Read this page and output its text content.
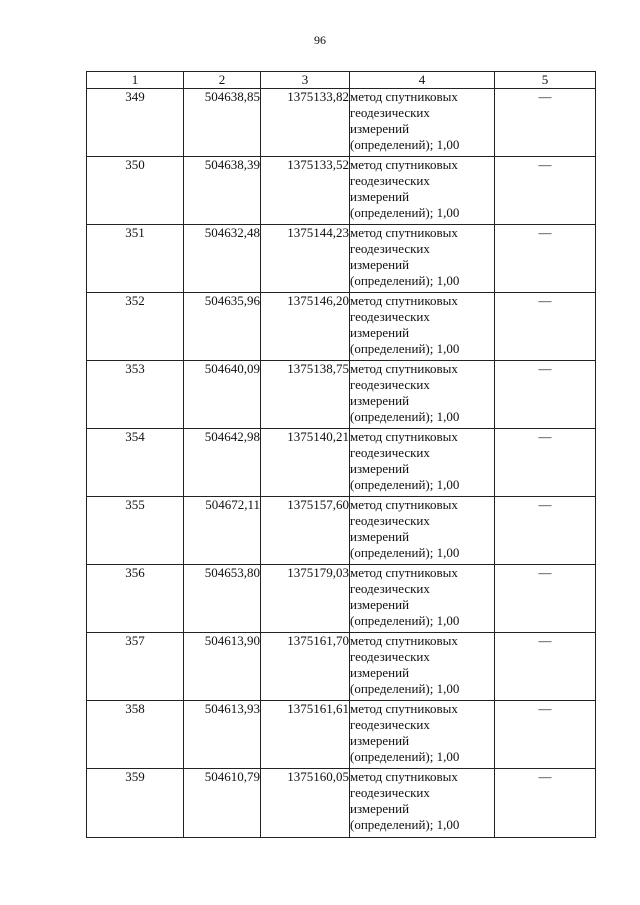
96
1	2	3	4	5
349	504638,85	1375133,82	метод спутниковых
геодезических
измерений
(определений); 1,00	—
350	504638,39	1375133,52	метод спутниковых
геодезических
измерений
(определений); 1,00	—
351	504632,48	1375144,23	метод спутниковых
геодезических
измерений
(определений); 1,00	—
352	504635,96	1375146,20	метод спутниковых
геодезических
измерений
(определений); 1,00	—
353	504640,09	1375138,75	метод спутниковых
геодезических
измерений
(определений); 1,00	—
354	504642,98	1375140,21	метод спутниковых
геодезических
измерений
(определений); 1,00	—
355	504672,11	1375157,60	метод спутниковых
геодезических
измерений
(определений); 1,00	—
356	504653,80	1375179,03	метод спутниковых
геодезических
измерений
(определений); 1,00	—
357	504613,90	1375161,70	метод спутниковых
геодезических
измерений
(определений); 1,00	—
358	504613,93	1375161,61	метод спутниковых
геодезических
измерений
(определений); 1,00	—
359	504610,79	1375160,05	метод спутниковых
геодезических
измерений
(определений); 1,00	—
